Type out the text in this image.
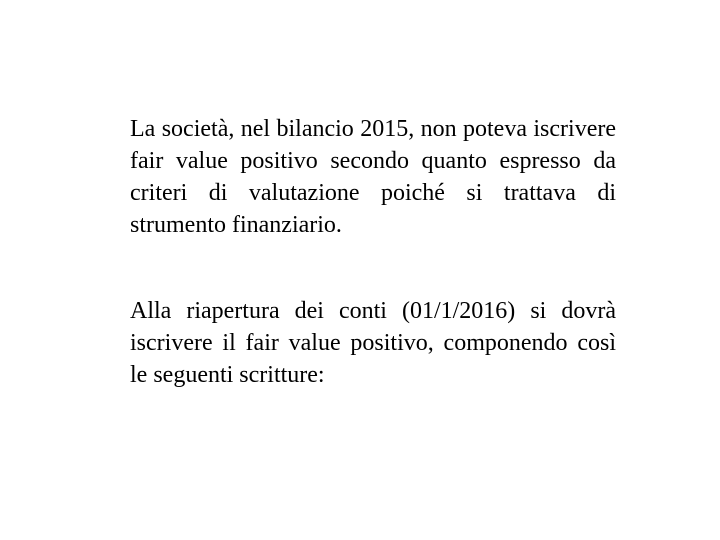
La società, nel bilancio 2015, non poteva iscrivere fair value positivo secondo quanto espresso da criteri di valutazione poiché si trattava di strumento finanziario.

Alla riapertura dei conti (01/1/2016) si dovrà iscrivere il fair value positivo, componendo così le seguenti scritture:
